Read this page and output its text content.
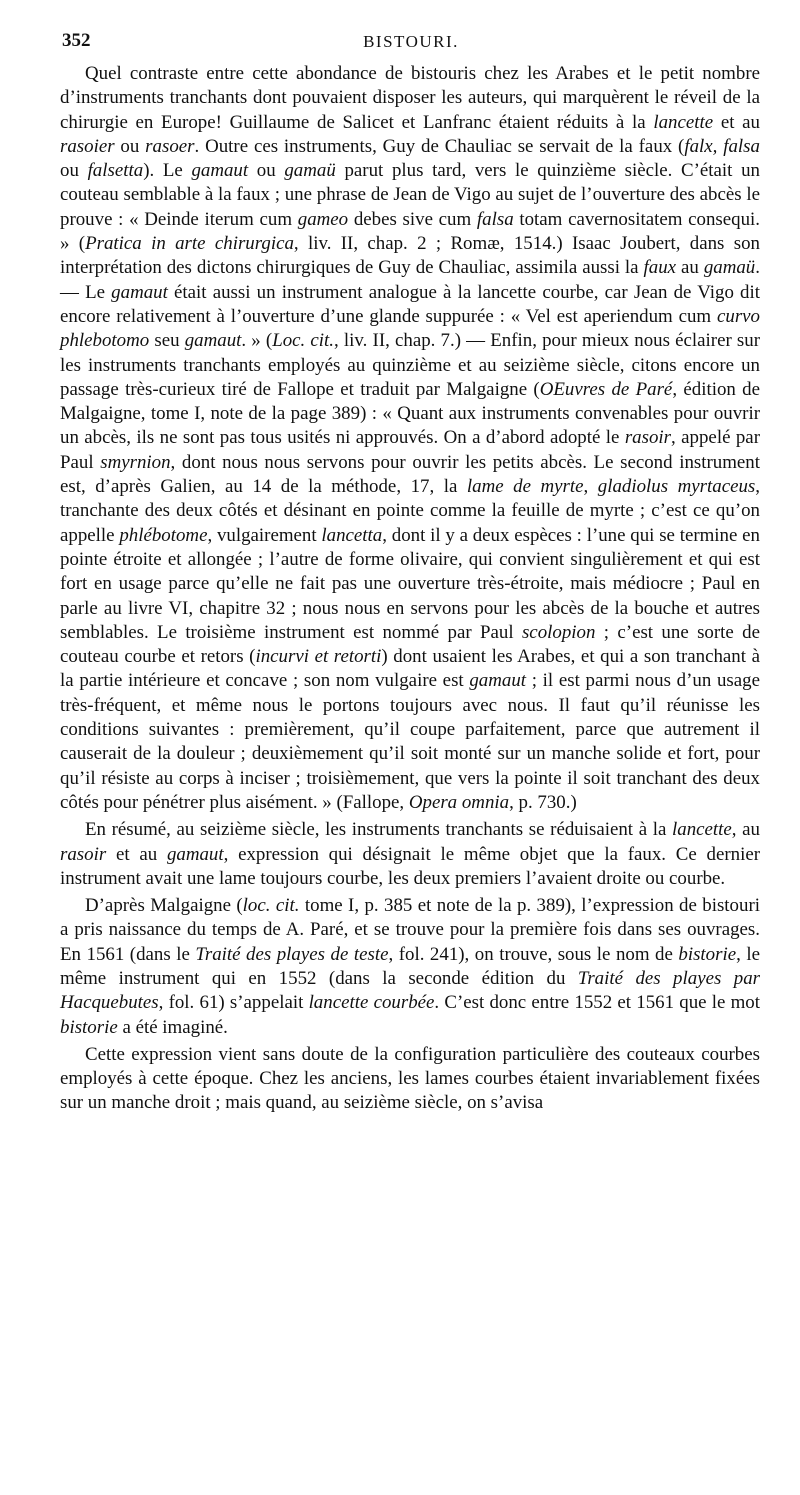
352	BISTOURI.

Quel contraste entre cette abondance de bistouris chez les Arabes et le petit nombre d’instruments tranchants dont pouvaient disposer les auteurs, qui marquèrent le réveil de la chirurgie en Europe! Guillaume de Salicet et Lanfranc étaient réduits à la lancette et au rasoier ou rasoer. Outre ces instruments, Guy de Chauliac se servait de la faux (falx, falsa ou falsetta). Le gamaut ou gamaü parut plus tard, vers le quinzième siècle. C’était un couteau semblable à la faux ; une phrase de Jean de Vigo au sujet de l’ouverture des abcès le prouve : « Deinde iterum cum gameo debes sive cum falsa totam cavernositatem consequi. » (Pratica in arte chirurgica, liv. II, chap. 2 ; Romæ, 1514.) Isaac Joubert, dans son interprétation des dictons chirurgiques de Guy de Chauliac, assimila aussi la faux au gamaü. — Le gamaut était aussi un instrument analogue à la lancette courbe, car Jean de Vigo dit encore relativement à l’ouverture d’une glande suppurée : « Vel est aperiendum cum curvo phlebotomo seu gamaut. » (Loc. cit., liv. II, chap. 7.) — Enfin, pour mieux nous éclairer sur les instruments tranchants employés au quinzième et au seizième siècle, citons encore un passage très-curieux tiré de Fallope et traduit par Malgaigne (OEuvres de Paré, édition de Malgaigne, tome I, note de la page 389) : « Quant aux instruments convenables pour ouvrir un abcès, ils ne sont pas tous usités ni approuvés. On a d’abord adopté le rasoir, appelé par Paul smyrnion, dont nous nous servons pour ouvrir les petits abcès. Le second instrument est, d’après Galien, au 14 de la méthode, 17, la lame de myrte, gladiolus myrtaceus, tranchante des deux côtés et désinant en pointe comme la feuille de myrte ; c’est ce qu’on appelle phlébotome, vulgairement lancetta, dont il y a deux espèces : l’une qui se termine en pointe étroite et allongée ; l’autre de forme olivaire, qui convient singulièrement et qui est fort en usage parce qu’elle ne fait pas une ouverture très-étroite, mais médiocre ; Paul en parle au livre VI, chapitre 32 ; nous nous en servons pour les abcès de la bouche et autres semblables. Le troisième instrument est nommé par Paul scolopion ; c’est une sorte de couteau courbe et retors (incurvi et retorti) dont usaient les Arabes, et qui a son tranchant à la partie intérieure et concave ; son nom vulgaire est gamaut ; il est parmi nous d’un usage très-fréquent, et même nous le portons toujours avec nous. Il faut qu’il réunisse les conditions suivantes : premièrement, qu’il coupe parfaitement, parce que autrement il causerait de la douleur ; deuxièmement qu’il soit monté sur un manche solide et fort, pour qu’il résiste au corps à inciser ; troisièmement, que vers la pointe il soit tranchant des deux côtés pour pénétrer plus aisément. » (Fallope, Opera omnia, p. 730.)

En résumé, au seizième siècle, les instruments tranchants se réduisaient à la lancette, au rasoir et au gamaut, expression qui désignait le même objet que la faux. Ce dernier instrument avait une lame toujours courbe, les deux premiers l’avaient droite ou courbe.

D’après Malgaigne (loc. cit. tome I, p. 385 et note de la p. 389), l’expression de bistouri a pris naissance du temps de A. Paré, et se trouve pour la première fois dans ses ouvrages. En 1561 (dans le Traité des playes de teste, fol. 241), on trouve, sous le nom de bistorie, le même instrument qui en 1552 (dans la seconde édition du Traité des playes par Hacquebutes, fol. 61) s’appelait lancette courbée. C’est donc entre 1552 et 1561 que le mot bistorie a été imaginé.

Cette expression vient sans doute de la configuration particulière des couteaux courbes employés à cette époque. Chez les anciens, les lames courbes étaient invariablement fixées sur un manche droit ; mais quand, au seizième siècle, on s’avisa
